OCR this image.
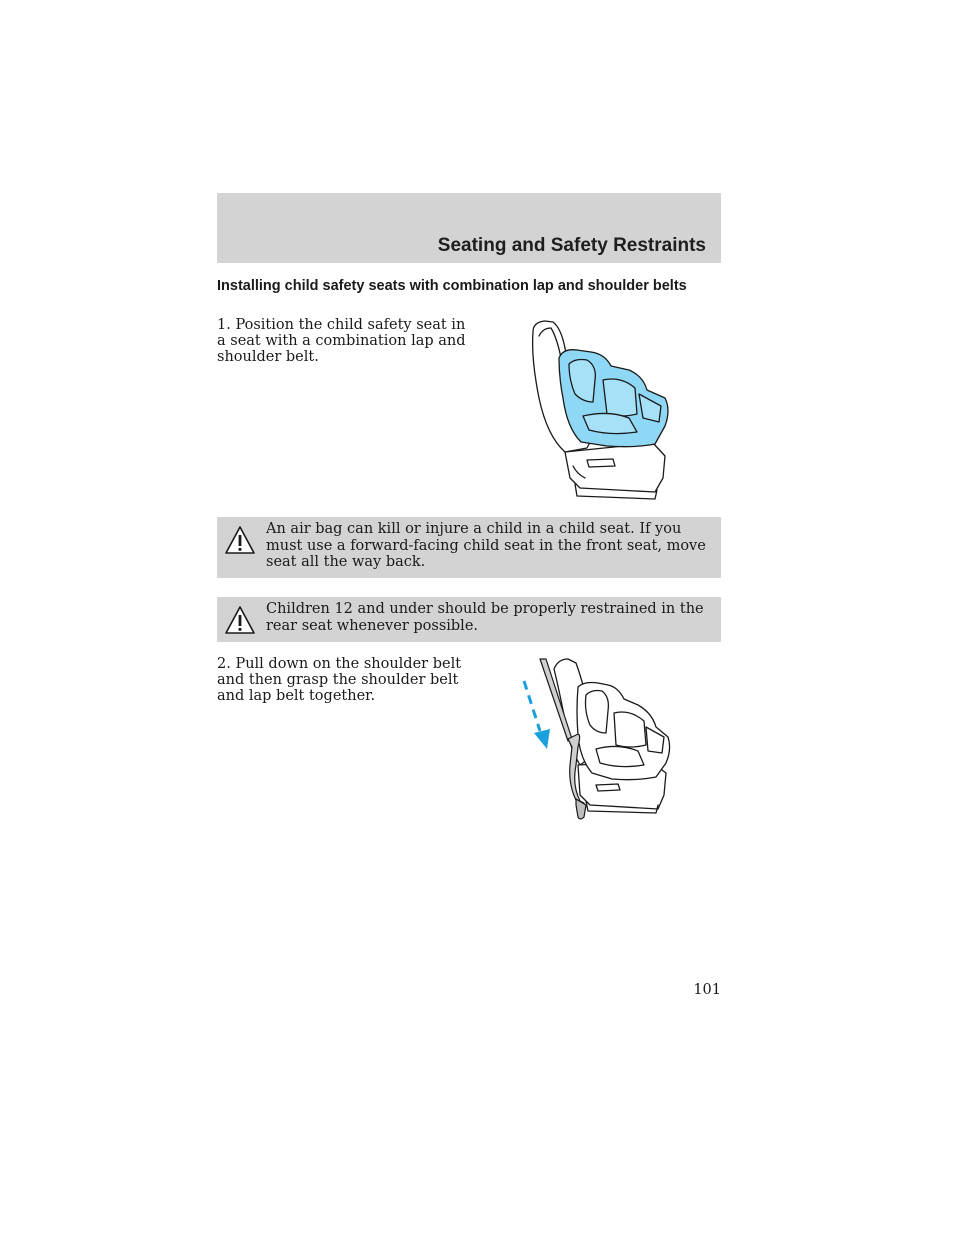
Seating and Safety Restraints
Installing child safety seats with combination lap and shoulder belts

1. Position the child safety seat in a seat with a combination lap and shoulder belt.

An air bag can kill or injure a child in a child seat. If you must use a forward-facing child seat in the front seat, move seat all the way back.
Children 12 and under should be properly restrained in the rear seat whenever possible.

2. Pull down on the shoulder belt and then grasp the shoulder belt and lap belt together.

101
